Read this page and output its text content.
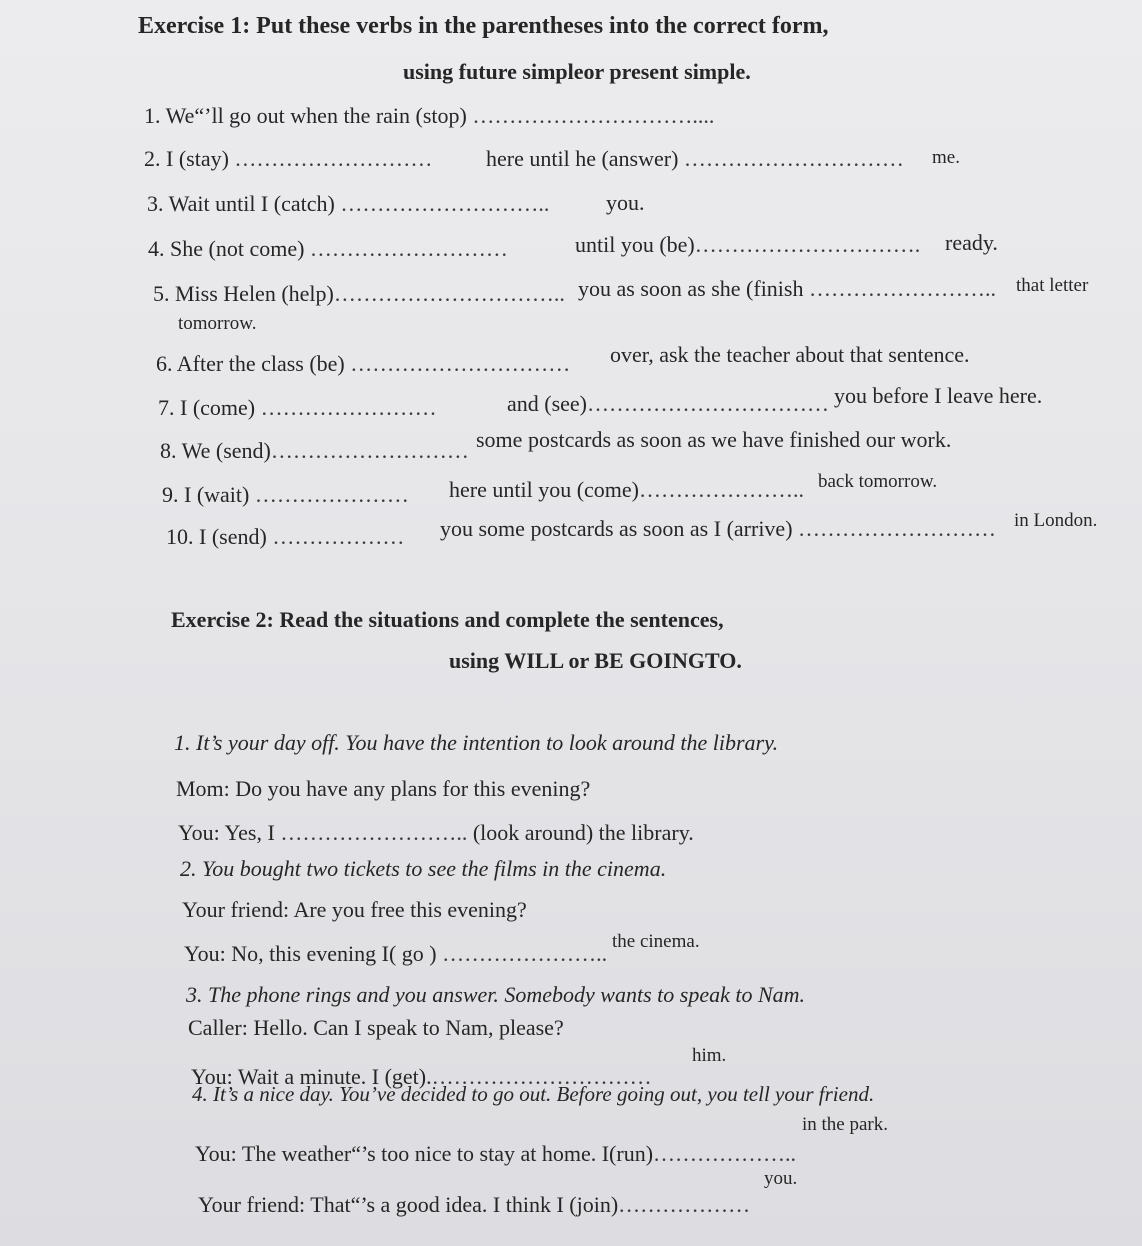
Exercise 1: Put these verbs in the parentheses into the correct form,
using future simpleor present simple.
1. We“’ll go out when the rain (stop) …………………………....
2. I (stay) ……………………… here until he (answer) ………………………… me.
3. Wait until I (catch) ………………………..	you.
4. She (not come) ………………………	until you (be)…………………………. ready.
5. Miss Helen (help)………………………….. you as soon as she (finish …………………….. that letter
tomorrow.
6. After the class (be) ………………………… over, ask the teacher about that sentence.
7. I (come) ……………………	and (see)…………………………… you before I leave here.
8. We (send)……………………… some postcards as soon as we have finished our work.
9. I (wait) ………………… here until you (come)………………….. back tomorrow.
10. I (send) ……………… you some postcards as soon as I (arrive) ……………………… in London.
Exercise 2: Read the situations and complete the sentences,
using WILL or BE GOINGTO.
1. It’s your day off. You have the intention to look around the library.
Mom: Do you have any plans for this evening?
You: Yes, I …………………….. (look around) the library.
2. You bought two tickets to see the films in the cinema.
Your friend: Are you free this evening?
You: No, this evening I( go ) ………………….. the cinema.
3. The phone rings and you answer. Somebody wants to speak to Nam.
Caller: Hello. Can I speak to Nam, please?
You: Wait a minute. I (get).…………………………
him.
4. It’s a nice day. You’ve decided to go out. Before going out, you tell your friend.
You: The weather“’s too nice to stay at home. I(run)………………..
in the park.
Your friend: That“’s a good idea. I think I (join)………………
you.
